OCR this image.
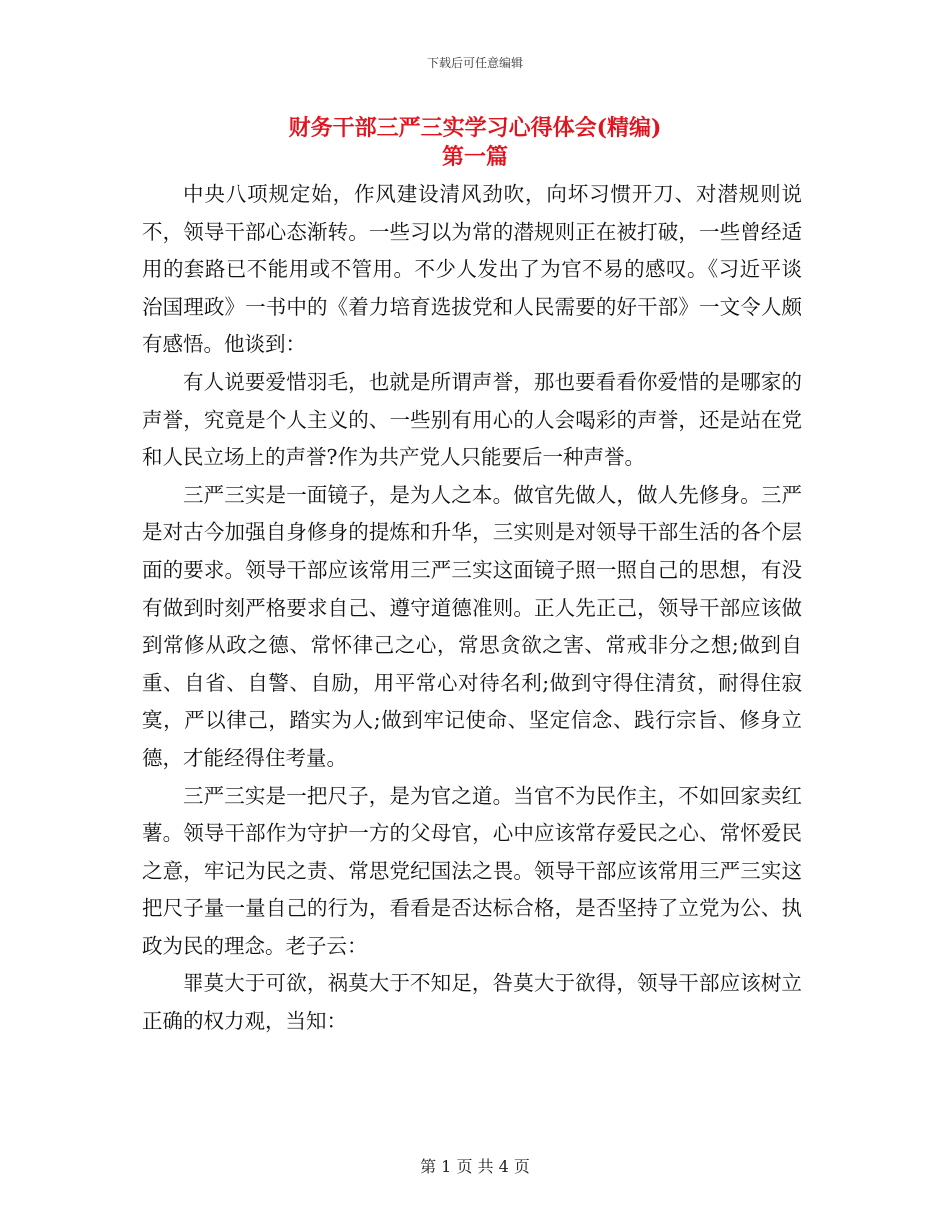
下载后可任意编辑
财务干部三严三实学习心得体会(精编)
第一篇

中央八项规定始，作风建设清风劲吹，向坏习惯开刀、对潜规则说不，领导干部心态渐转。一些习以为常的潜规则正在被打破，一些曾经适用的套路已不能用或不管用。不少人发出了为官不易的感叹。《习近平谈治国理政》一书中的《着力培育选拔党和人民需要的好干部》一文令人颇有感悟。他谈到：

有人说要爱惜羽毛，也就是所谓声誉，那也要看看你爱惜的是哪家的声誉，究竟是个人主义的、一些别有用心的人会喝彩的声誉，还是站在党和人民立场上的声誉?作为共产党人只能要后一种声誉。

三严三实是一面镜子，是为人之本。做官先做人，做人先修身。三严是对古今加强自身修身的提炼和升华，三实则是对领导干部生活的各个层面的要求。领导干部应该常用三严三实这面镜子照一照自己的思想，有没有做到时刻严格要求自己、遵守道德准则。正人先正己，领导干部应该做到常修从政之德、常怀律己之心，常思贪欲之害、常戒非分之想;做到自重、自省、自警、自励，用平常心对待名利;做到守得住清贫，耐得住寂寞，严以律己，踏实为人;做到牢记使命、坚定信念、践行宗旨、修身立德，才能经得住考量。

三严三实是一把尺子，是为官之道。当官不为民作主，不如回家卖红薯。领导干部作为守护一方的父母官，心中应该常存爱民之心、常怀爱民之意，牢记为民之责、常思党纪国法之畏。领导干部应该常用三严三实这把尺子量一量自己的行为，看看是否达标合格，是否坚持了立党为公、执政为民的理念。老子云：

罪莫大于可欲，祸莫大于不知足，咎莫大于欲得，领导干部应该树立正确的权力观，当知：

第 1 页 共 4 页
